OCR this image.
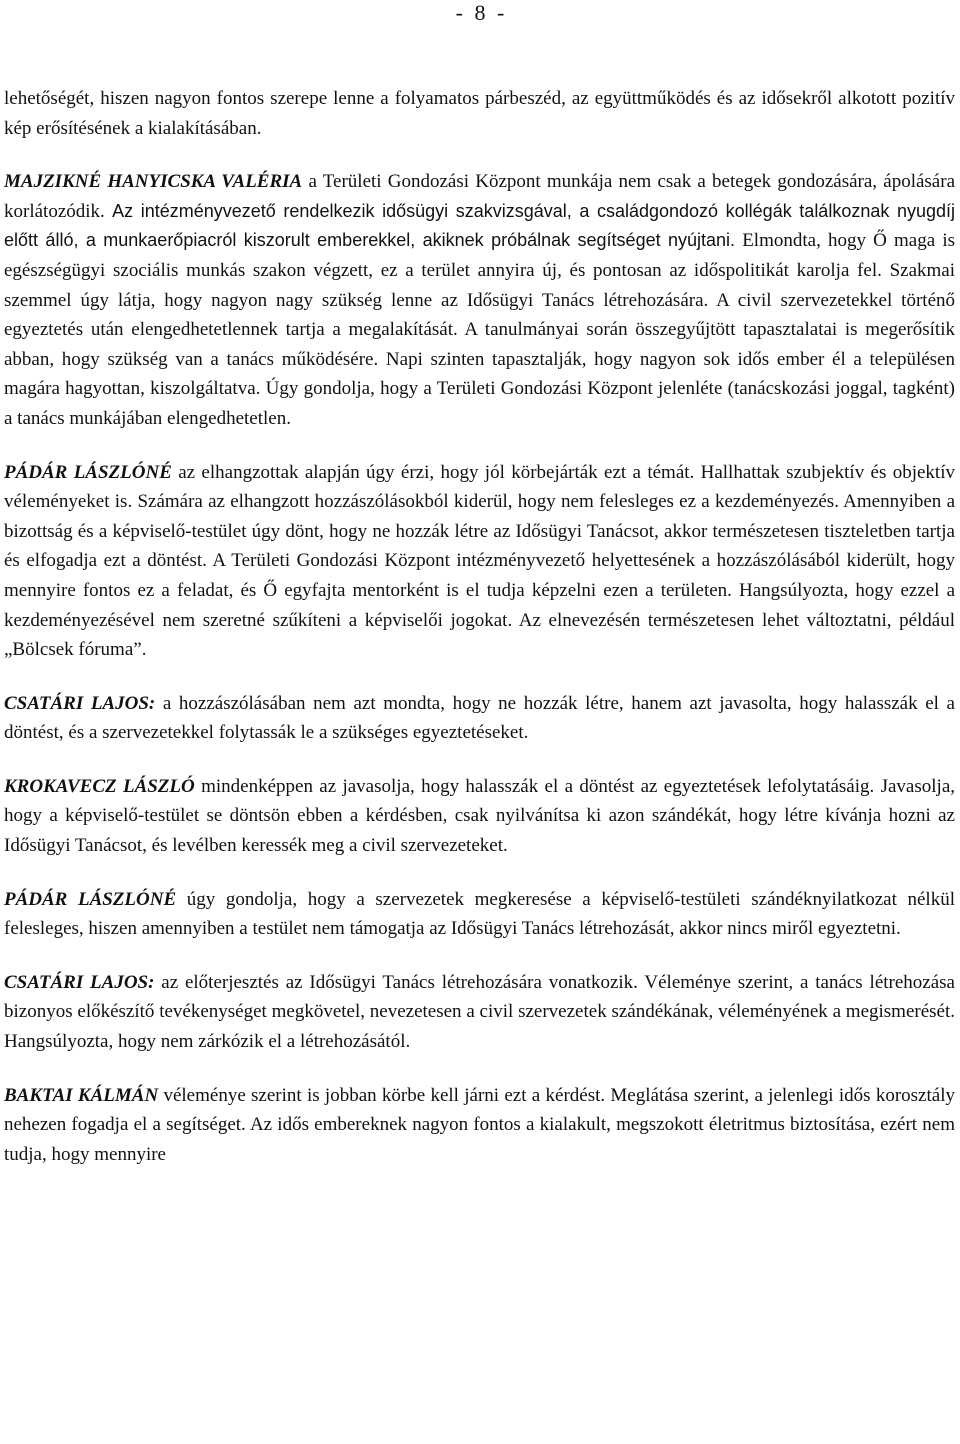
- 8 -

lehetőségét, hiszen nagyon fontos szerepe lenne a folyamatos párbeszéd, az együttműködés és az idősekről alkotott pozitív kép erősítésének a kialakításában.

MAJZIKNÉ HANYICSKA VALÉRIA a Területi Gondozási Központ munkája nem csak a betegek gondozására, ápolására korlátozódik. Az intézményvezető rendelkezik idősügyi szakvizsgával, a családgondozó kollégák találkoznak nyugdíj előtt álló, a munkaerőpiacról kiszorult emberekkel, akiknek próbálnak segítséget nyújtani. Elmondta, hogy Ő maga is egészségügyi szociális munkás szakon végzett, ez a terület annyira új, és pontosan az időspolitikát karolja fel. Szakmai szemmel úgy látja, hogy nagyon nagy szükség lenne az Idősügyi Tanács létrehozására. A civil szervezetekkel történő egyeztetés után elengedhetetlennek tartja a megalakítását. A tanulmányai során összegyűjtött tapasztalatai is megerősítik abban, hogy szükség van a tanács működésére. Napi szinten tapasztalják, hogy nagyon sok idős ember él a településen magára hagyottan, kiszolgáltatva. Úgy gondolja, hogy a Területi Gondozási Központ jelenléte (tanácskozási joggal, tagként) a tanács munkájában elengedhetetlen.

PÁDÁR LÁSZLÓNÉ az elhangzottak alapján úgy érzi, hogy jól körbejárták ezt a témát. Hallhattak szubjektív és objektív véleményeket is. Számára az elhangzott hozzászólásokból kiderül, hogy nem felesleges ez a kezdeményezés. Amennyiben a bizottság és a képviselő-testület úgy dönt, hogy ne hozzák létre az Idősügyi Tanácsot, akkor természetesen tiszteletben tartja és elfogadja ezt a döntést. A Területi Gondozási Központ intézményvezető helyettesének a hozzászólásából kiderült, hogy mennyire fontos ez a feladat, és Ő egyfajta mentorként is el tudja képzelni ezen a területen. Hangsúlyozta, hogy ezzel a kezdeményezésével nem szeretné szűkíteni a képviselői jogokat. Az elnevezésén természetesen lehet változtatni, például „Bölcsek fóruma”.

CSATÁRI LAJOS: a hozzászólásában nem azt mondta, hogy ne hozzák létre, hanem azt javasolta, hogy halasszák el a döntést, és a szervezetekkel folytassák le a szükséges egyeztetéseket.

KROKAVECZ LÁSZLÓ mindenképpen az javasolja, hogy halasszák el a döntést az egyeztetések lefolytatásáig. Javasolja, hogy a képviselő-testület se döntsön ebben a kérdésben, csak nyilvánítsa ki azon szándékát, hogy létre kívánja hozni az Idősügyi Tanácsot, és levélben keressék meg a civil szervezeteket.

PÁDÁR LÁSZLÓNÉ úgy gondolja, hogy a szervezetek megkeresése a képviselő-testületi szándéknyilatkozat nélkül felesleges, hiszen amennyiben a testület nem támogatja az Idősügyi Tanács létrehozását, akkor nincs miről egyeztetni.

CSATÁRI LAJOS: az előterjesztés az Idősügyi Tanács létrehozására vonatkozik. Véleménye szerint, a tanács létrehozása bizonyos előkészítő tevékenységet megkövetel, nevezetesen a civil szervezetek szándékának, véleményének a megismerését. Hangsúlyozta, hogy nem zárkózik el a létrehozásától.

BAKTAI KÁLMÁN véleménye szerint is jobban körbe kell járni ezt a kérdést. Meglátása szerint, a jelenlegi idős korosztály nehezen fogadja el a segítséget. Az idős embereknek nagyon fontos a kialakult, megszokott életritmus biztosítása, ezért nem tudja, hogy mennyire
